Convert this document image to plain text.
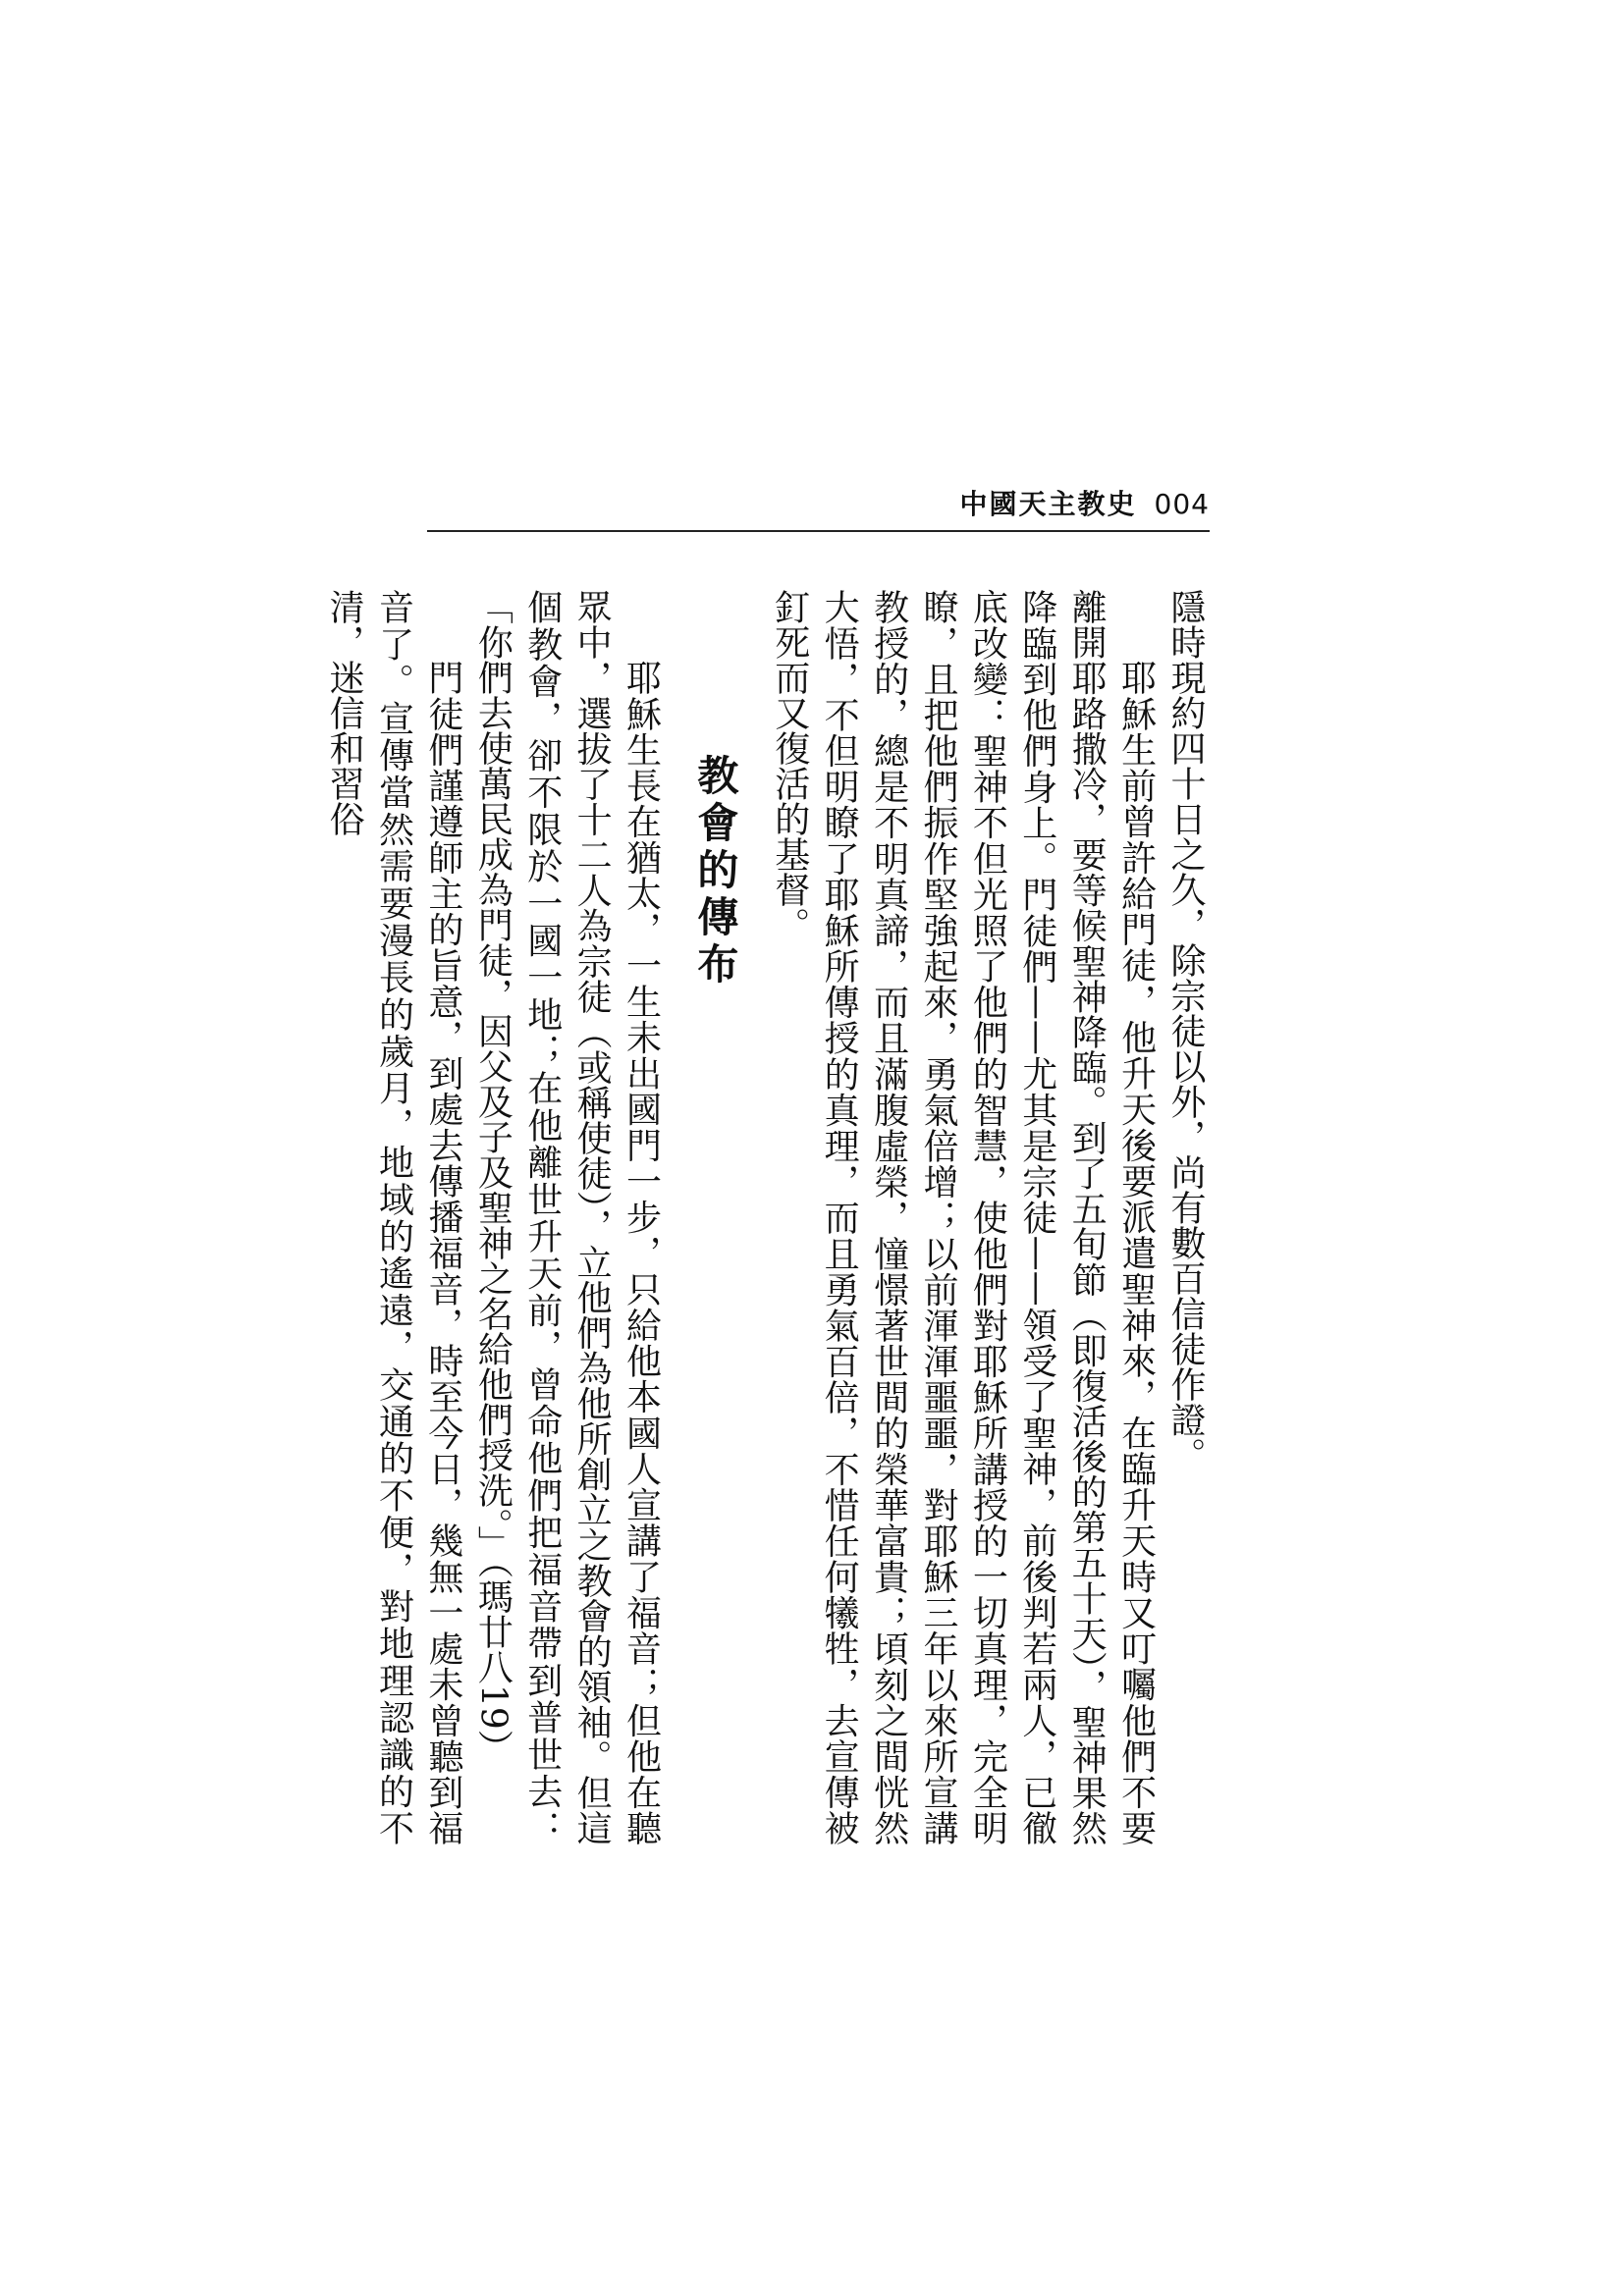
中國天主教史 004

隱時現約四十日之久，除宗徒以外，尚有數百信徒作證。

耶穌生前曾許給門徒，他升天後要派遣聖神來，在臨升天時又叮囑他們不要離開耶路撒冷，要等候聖神降臨。到了五旬節（即復活後的第五十天），聖神果然降臨到他們身上。門徒們——尤其是宗徒——領受了聖神，前後判若兩人，已徹底改變：聖神不但光照了他們的智慧，使他們對耶穌所講授的一切真理，完全明瞭，且把他們振作堅強起來，勇氣倍增；以前渾渾噩噩，對耶穌三年以來所宣講教授的，總是不明真諦，而且滿腹虛榮，憧憬著世間的榮華富貴；頃刻之間恍然大悟，不但明瞭了耶穌所傳授的真理，而且勇氣百倍，不惜任何犧牲，去宣傳被釘死而又復活的基督。

教會的傳布

耶穌生長在猶太，一生未出國門一步，只給他本國人宣講了福音；但他在聽眾中，選拔了十二人為宗徒（或稱使徒），立他們為他所創立之教會的領袖。但這個教會，卻不限於一國一地；在他離世升天前，曾命他們把福音帶到普世去：「你們去使萬民成為門徒，因父及子及聖神之名給他們授洗。」（瑪廿八19）

門徒們謹遵師主的旨意，到處去傳播福音，時至今日，幾無一處未曾聽到福音了。宣傳當然需要漫長的歲月，地域的遙遠，交通的不便，對地理認識的不清，迷信和習俗
